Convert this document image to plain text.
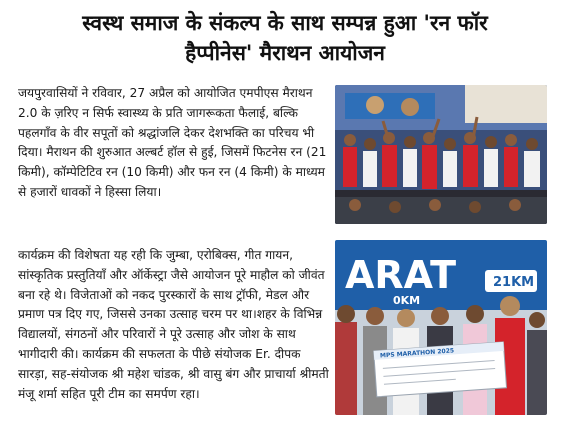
स्वस्थ समाज के संकल्प के साथ सम्पन्न हुआ 'रन फॉर
हैप्पीनेस' मैराथन आयोजन
जयपुरवासियों ने रविवार, 27 अप्रैल को आयोजित एमपीएस मैराथन 2.0 के ज़रिए न सिर्फ स्वास्थ्य के प्रति जागरूकता फैलाई, बल्कि पहलगाँव के वीर सपूतों को श्रद्धांजलि देकर देशभक्ति का परिचय भी दिया। मैराथन की शुरुआत अल्बर्ट हॉल से हुई, जिसमें फिटनेस रन (21 किमी), कॉम्पेटिटिव रन (10 किमी) और फन रन (4 किमी) के माध्यम से हजारों धावकों ने हिस्सा लिया।
कार्यक्रम की विशेषता यह रही कि जुम्बा, एरोबिक्स, गीत गायन, सांस्कृतिक प्रस्तुतियाँ और ऑर्केस्ट्रा जैसे आयोजन पूरे माहौल को जीवंत बना रहे थे। विजेताओं को नकद पुरस्कारों के साथ ट्रॉफी, मेडल और प्रमाण पत्र दिए गए, जिससे उनका उत्साह चरम पर था।शहर के विभिन्न विद्यालयों, संगठनों और परिवारों ने पूरे उत्साह और जोश के साथ भागीदारी की। कार्यक्रम की सफलता के पीछे संयोजक Er. दीपक सारड़ा, सह-संयोजक श्री महेश चांडक, श्री वासु बंग और प्राचार्या श्रीमती मंजू शर्मा सहित पूरी टीम का समर्पण रहा।
ARAT	21KM
0KM
MPS MARATHON 2025
